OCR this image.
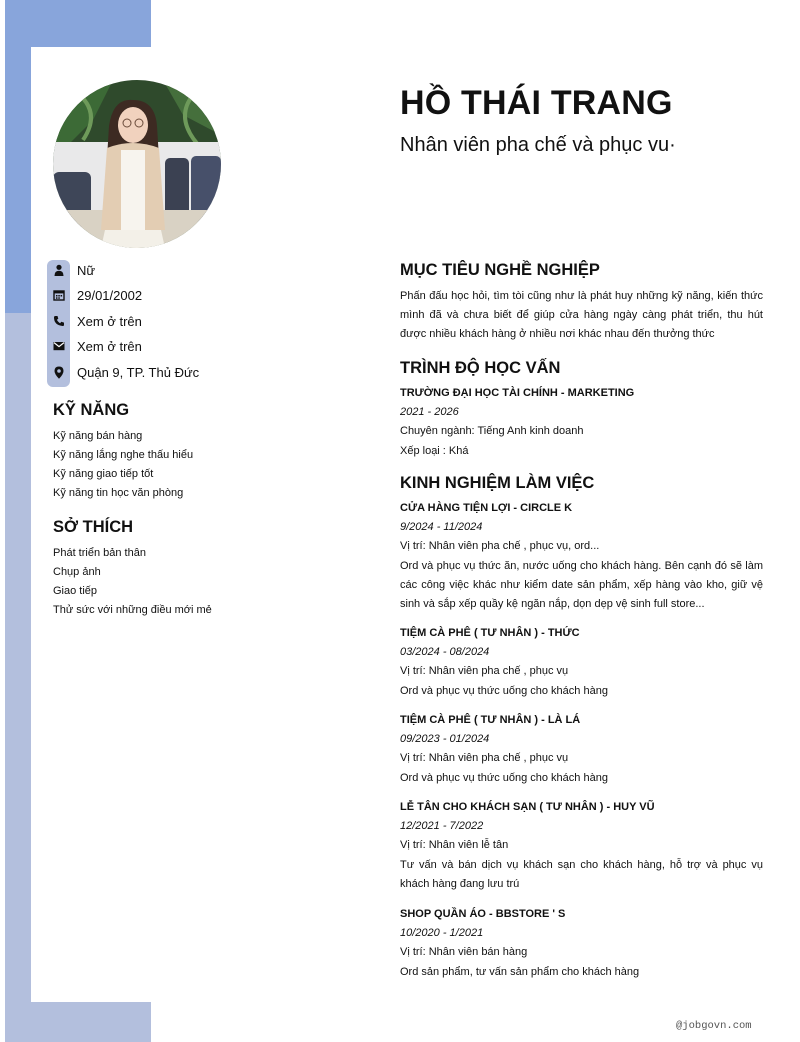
HỒ THÁI TRANG
Nhân viên pha chế và phục vu·
Nữ
29/01/2002
Xem ở trên
Xem ở trên
Quận 9, TP. Thủ Đức
KỸ NĂNG
Kỹ năng bán hàng
Kỹ năng lắng nghe thấu hiểu
Kỹ năng giao tiếp tốt
Kỹ năng tin học văn phòng
SỞ THÍCH
Phát triển bản thân
Chụp ảnh
Giao tiếp
Thử sức với những điều mới mẻ
MỤC TIÊU NGHỀ NGHIỆP
Phấn đấu học hỏi, tìm tòi cũng như là phát huy những kỹ năng, kiến thức mình đã và chưa biết để giúp cửa hàng ngày càng phát triển, thu hút được nhiều khách hàng ở nhiều nơi khác nhau đến thưởng thức
TRÌNH ĐỘ HỌC VẤN
TRƯỜNG ĐẠI HỌC TÀI CHÍNH - MARKETING
2021 - 2026
Chuyên ngành: Tiếng Anh kinh doanh
Xếp loại : Khá
KINH NGHIỆM LÀM VIỆC
CỬA HÀNG TIỆN LỢI - CIRCLE K
9/2024 - 11/2024
Vị trí: Nhân viên pha chế , phục vụ, ord...
Ord và phục vụ thức ăn, nước uống cho khách hàng. Bên cạnh đó sẽ làm các công việc khác như kiểm date sản phẩm, xếp hàng vào kho, giữ vệ sinh và sắp xếp quầy kệ ngăn nắp, dọn dẹp vệ sinh full store...
TIỆM CÀ PHÊ ( TƯ NHÂN ) - THỨC
03/2024 - 08/2024
Vị trí: Nhân viên pha chế , phục vụ
Ord và phục vụ thức uống cho khách hàng
TIỆM CÀ PHÊ ( TƯ NHÂN ) - LÀ LÁ
09/2023 - 01/2024
Vị trí: Nhân viên pha chế , phục vụ
Ord và phục vụ thức uống cho khách hàng
LỄ TÂN CHO KHÁCH SẠN ( TƯ NHÂN ) - HUY VŨ
12/2021 - 7/2022
Vị trí: Nhân viên lễ tân
Tư vấn và bán dịch vụ khách sạn cho khách hàng, hỗ trợ và phục vụ khách hàng đang lưu trú
SHOP QUẦN ÁO - BBSTORE ' S
10/2020 - 1/2021
Vị trí: Nhân viên bán hàng
Ord sản phẩm, tư vấn sản phẩm cho khách hàng
@jobgovn.com
